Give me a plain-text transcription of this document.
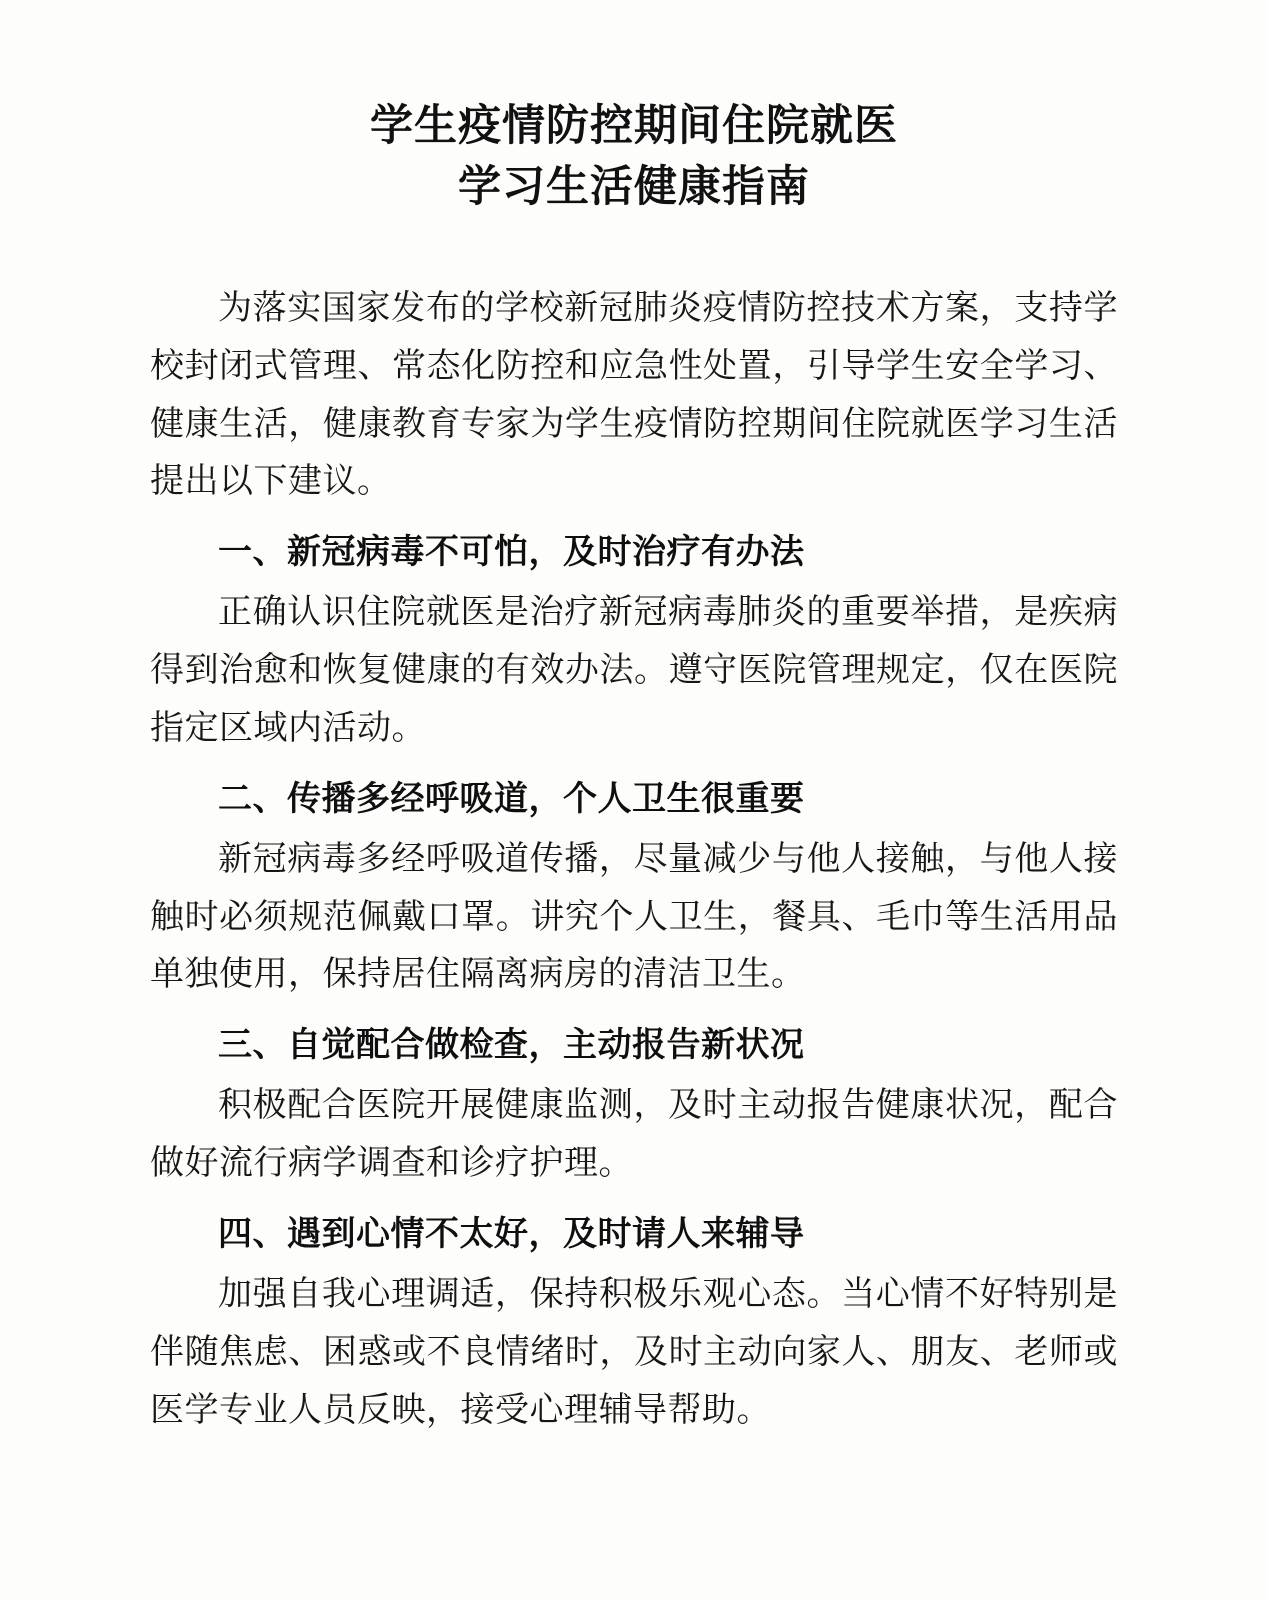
学生疫情防控期间住院就医
学习生活健康指南

为落实国家发布的学校新冠肺炎疫情防控技术方案，支持学校封闭式管理、常态化防控和应急性处置，引导学生安全学习、健康生活，健康教育专家为学生疫情防控期间住院就医学习生活提出以下建议。

一、新冠病毒不可怕，及时治疗有办法

正确认识住院就医是治疗新冠病毒肺炎的重要举措，是疾病得到治愈和恢复健康的有效办法。遵守医院管理规定，仅在医院指定区域内活动。

二、传播多经呼吸道，个人卫生很重要

新冠病毒多经呼吸道传播，尽量减少与他人接触，与他人接触时必须规范佩戴口罩。讲究个人卫生，餐具、毛巾等生活用品单独使用，保持居住隔离病房的清洁卫生。

三、自觉配合做检查，主动报告新状况

积极配合医院开展健康监测，及时主动报告健康状况，配合做好流行病学调查和诊疗护理。

四、遇到心情不太好，及时请人来辅导

加强自我心理调适，保持积极乐观心态。当心情不好特别是伴随焦虑、困惑或不良情绪时，及时主动向家人、朋友、老师或医学专业人员反映，接受心理辅导帮助。
